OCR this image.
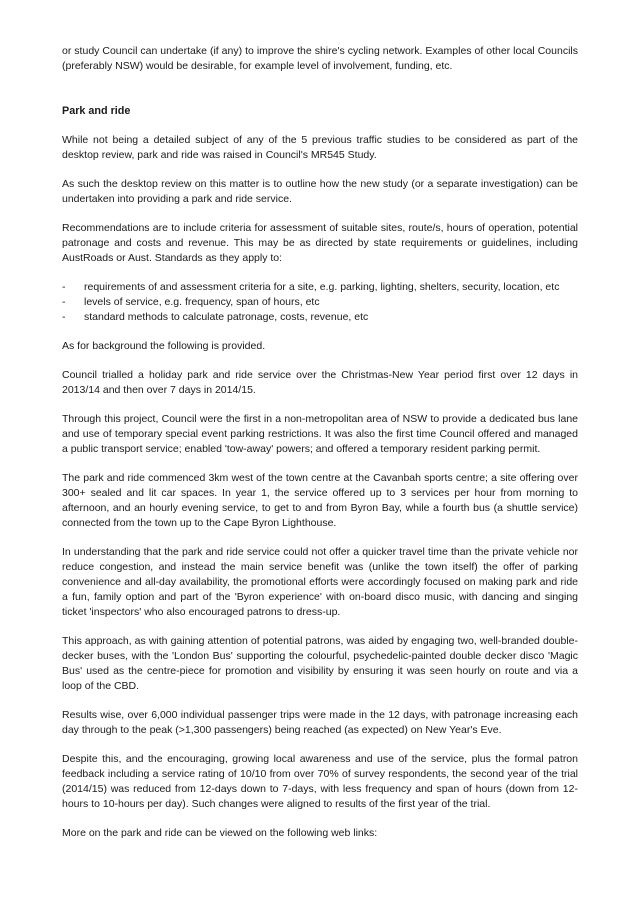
or study Council can undertake (if any) to improve the shire's cycling network. Examples of other local Councils (preferably NSW) would be desirable, for example level of involvement, funding, etc.

Park and ride

While not being a detailed subject of any of the 5 previous traffic studies to be considered as part of the desktop review, park and ride was raised in Council's MR545 Study.

As such the desktop review on this matter is to outline how the new study (or a separate investigation) can be undertaken into providing a park and ride service.

Recommendations are to include criteria for assessment of suitable sites, route/s, hours of operation, potential patronage and costs and revenue. This may be as directed by state requirements or guidelines, including AustRoads or Aust. Standards as they apply to:

- requirements of and assessment criteria for a site, e.g. parking, lighting, shelters, security, location, etc
- levels of service, e.g. frequency, span of hours, etc
- standard methods to calculate patronage, costs, revenue, etc

As for background the following is provided.

Council trialled a holiday park and ride service over the Christmas-New Year period first over 12 days in 2013/14 and then over 7 days in 2014/15.

Through this project, Council were the first in a non-metropolitan area of NSW to provide a dedicated bus lane and use of temporary special event parking restrictions. It was also the first time Council offered and managed a public transport service; enabled 'tow-away' powers; and offered a temporary resident parking permit.

The park and ride commenced 3km west of the town centre at the Cavanbah sports centre; a site offering over 300+ sealed and lit car spaces. In year 1, the service offered up to 3 services per hour from morning to afternoon, and an hourly evening service, to get to and from Byron Bay, while a fourth bus (a shuttle service) connected from the town up to the Cape Byron Lighthouse.

In understanding that the park and ride service could not offer a quicker travel time than the private vehicle nor reduce congestion, and instead the main service benefit was (unlike the town itself) the offer of parking convenience and all-day availability, the promotional efforts were accordingly focused on making park and ride a fun, family option and part of the 'Byron experience' with on-board disco music, with dancing and singing ticket 'inspectors' who also encouraged patrons to dress-up.

This approach, as with gaining attention of potential patrons, was aided by engaging two, well-branded double-decker buses, with the 'London Bus' supporting the colourful, psychedelic-painted double decker disco 'Magic Bus' used as the centre-piece for promotion and visibility by ensuring it was seen hourly on route and via a loop of the CBD.

Results wise, over 6,000 individual passenger trips were made in the 12 days, with patronage increasing each day through to the peak (>1,300 passengers) being reached (as expected) on New Year's Eve.

Despite this, and the encouraging, growing local awareness and use of the service, plus the formal patron feedback including a service rating of 10/10 from over 70% of survey respondents, the second year of the trial (2014/15) was reduced from 12-days down to 7-days, with less frequency and span of hours (down from 12-hours to 10-hours per day). Such changes were aligned to results of the first year of the trial.

More on the park and ride can be viewed on the following web links:
